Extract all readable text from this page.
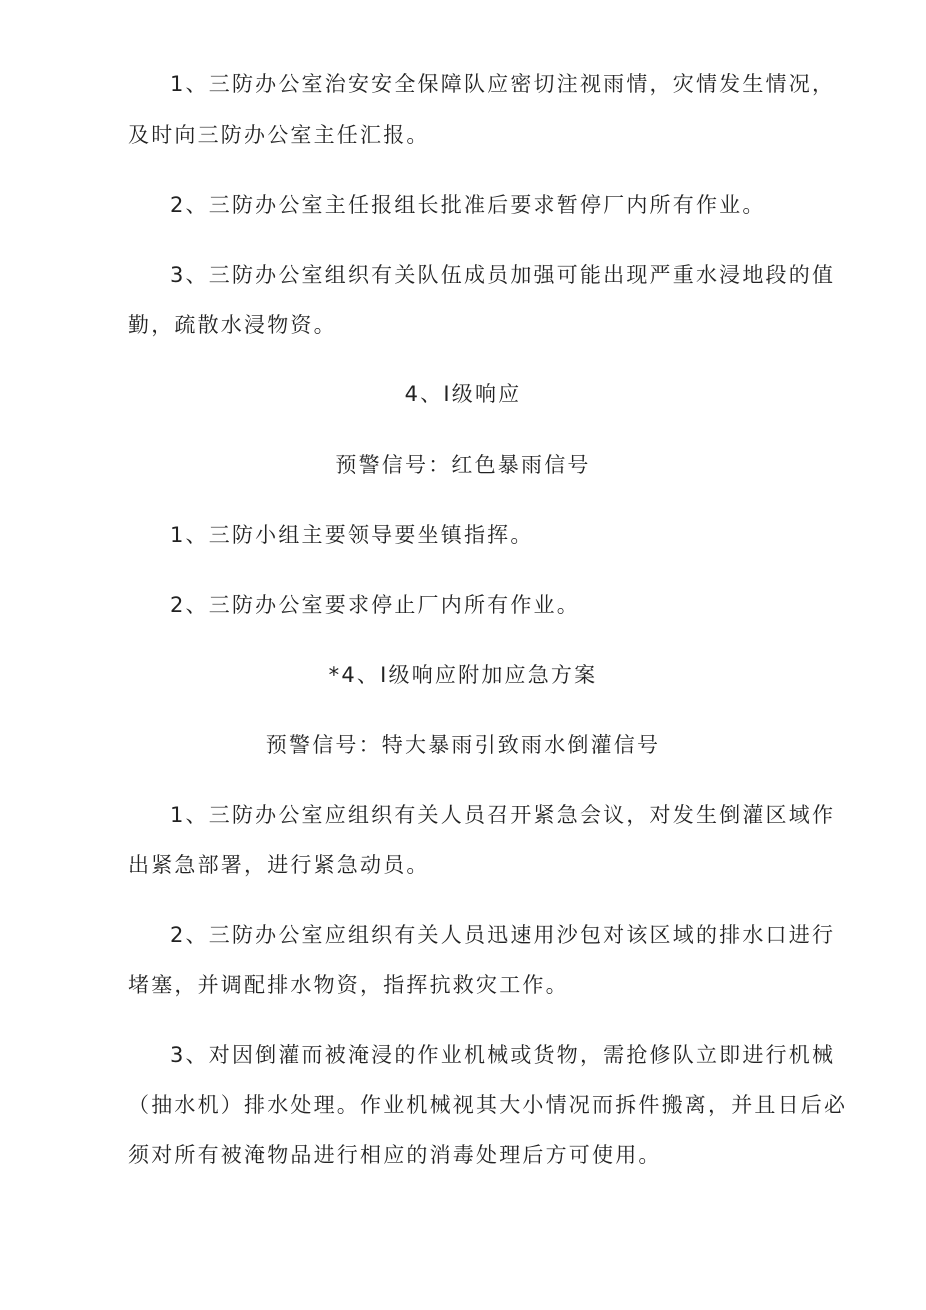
1、三防办公室治安安全保障队应密切注视雨情，灾情发生情况，
及时向三防办公室主任汇报。
2、三防办公室主任报组长批准后要求暂停厂内所有作业。
3、三防办公室组织有关队伍成员加强可能出现严重水浸地段的值
勤，疏散水浸物资。
4、Ⅰ级响应
预警信号：红色暴雨信号
1、三防小组主要领导要坐镇指挥。
2、三防办公室要求停止厂内所有作业。
*4、Ⅰ级响应附加应急方案
预警信号：特大暴雨引致雨水倒灌信号
1、三防办公室应组织有关人员召开紧急会议，对发生倒灌区域作
出紧急部署，进行紧急动员。
2、三防办公室应组织有关人员迅速用沙包对该区域的排水口进行
堵塞，并调配排水物资，指挥抗救灾工作。
3、对因倒灌而被淹浸的作业机械或货物，需抢修队立即进行机械
（抽水机）排水处理。作业机械视其大小情况而拆件搬离，并且日后必
须对所有被淹物品进行相应的消毒处理后方可使用。
